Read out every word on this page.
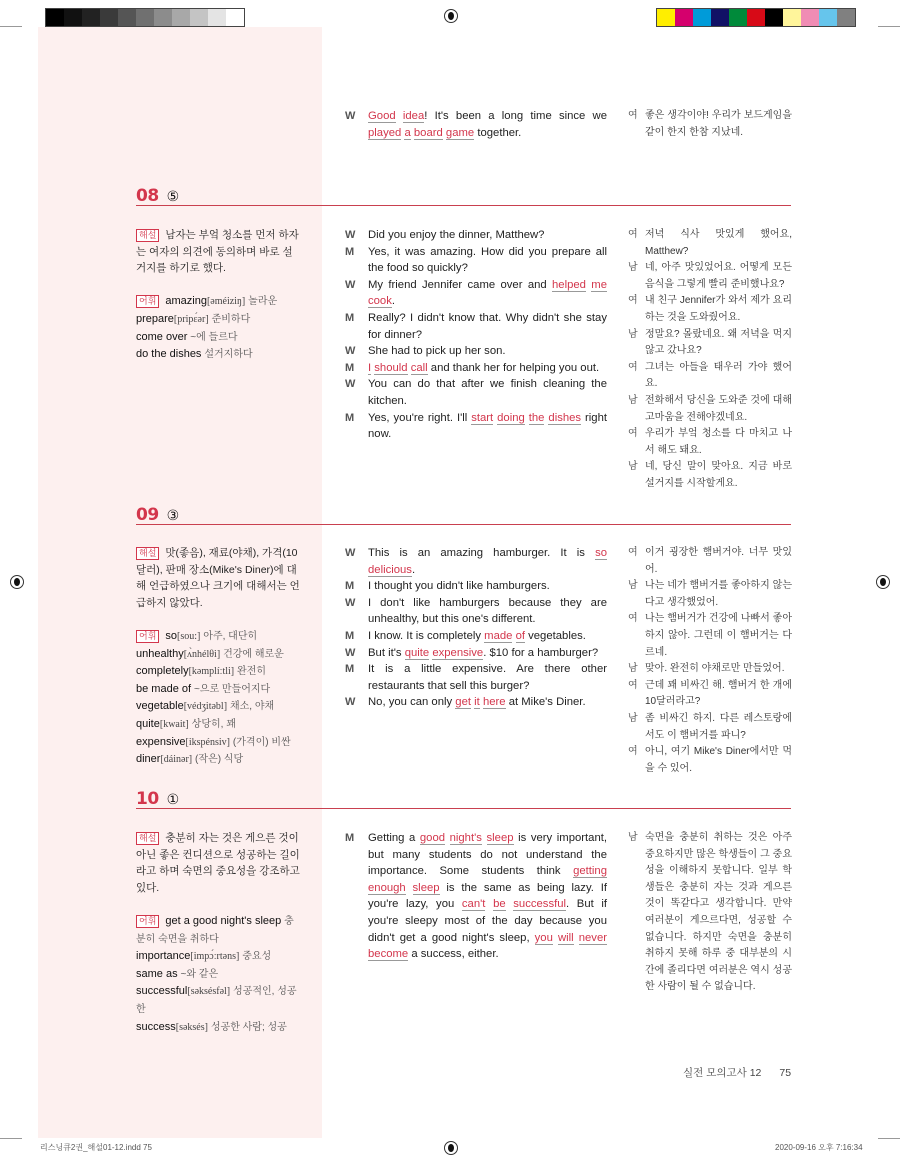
W	Good idea! It's been a long time since we played a board game together.
여 좋은 생각이야! 우리가 보드게임을 같이 한지 한참 지났네.
08 ⑤
해설 남자는 부엌 청소를 먼저 하자는 여자의 의견에 동의하며 바로 설거지를 하기로 했다.
어휘 amazing[əméiziŋ] 놀라운
prepare[pripɛ́ər] 준비하다
come over ~에 들르다
do the dishes 설거지하다
W	Did you enjoy the dinner, Matthew?
M	Yes, it was amazing. How did you prepare all the food so quickly?
W	My friend Jennifer came over and helped me cook.
M	Really? I didn't know that. Why didn't she stay for dinner?
W	She had to pick up her son.
M	I should call and thank her for helping you out.
W	You can do that after we finish cleaning the kitchen.
M	Yes, you're right. I'll start doing the dishes right now.
여 저녁 식사 맛있게 했어요, Matthew?
남 네, 아주 맛있었어요. 어떻게 모든 음식을 그렇게 빨리 준비했나요?
여 내 친구 Jennifer가 와서 제가 요리하는 것을 도와줬어요.
남 정말요? 몰랐네요. 왜 저녁을 먹지 않고 갔나요?
여 그녀는 아들을 태우러 가야 했어요.
남 전화해서 당신을 도와준 것에 대해 고마움을 전해야겠네요.
여 우리가 부엌 청소를 다 마치고 나서 해도 돼요.
남 네, 당신 말이 맞아요. 지금 바로 설거지를 시작할게요.
09 ③
해설 맛(좋음), 재료(야채), 가격(10달러), 판매 장소(Mike's Diner)에 대해 언급하였으나 크기에 대해서는 언급하지 않았다.
어휘 so[sou:] 아주, 대단히
unhealthy[ʌ̀nhélθi] 건강에 해로운
completely[kəmplíːtli] 완전히
be made of ~으로 만들어지다
vegetable[védʒitəbl] 채소, 야채
quite[kwait] 상당히, 꽤
expensive[ikspénsiv] (가격이) 비싼
diner[dáinər] (작은) 식당
W	This is an amazing hamburger. It is so delicious.
M	I thought you didn't like hamburgers.
W	I don't like hamburgers because they are unhealthy, but this one's different.
M	I know. It is completely made of vegetables.
W	But it's quite expensive. $10 for a hamburger?
M	It is a little expensive. Are there other restaurants that sell this burger?
W	No, you can only get it here at Mike's Diner.
여 이거 굉장한 햄버거야. 너무 맛있어.
남 나는 네가 햄버거를 좋아하지 않는다고 생각했었어.
여 나는 햄버거가 건강에 나빠서 좋아하지 않아. 그런데 이 햄버거는 다르네.
남 맞아. 완전히 야채로만 만들었어.
여 근데 꽤 비싸긴 해. 햄버거 한 개에 10달러라고?
남 좀 비싸긴 하지. 다른 레스토랑에서도 이 햄버거를 파니?
여 아니, 여기 Mike's Diner에서만 먹을 수 있어.
10 ①
해설 충분히 자는 것은 게으른 것이 아닌 좋은 컨디션으로 성공하는 길이라고 하며 숙면의 중요성을 강조하고 있다.
어휘 get a good night's sleep 충분히 숙면을 취하다
importance[impɔ́ːrtəns] 중요성
same as ~와 같은
successful[səksésfəl] 성공적인, 성공한
success[səksés] 성공한 사람; 성공
M	Getting a good night's sleep is very important, but many students do not understand the importance. Some students think getting enough sleep is the same as being lazy. If you're lazy, you can't be successful. But if you're sleepy most of the day because you didn't get a good night's sleep, you will never become a success, either.
남 숙면을 충분히 취하는 것은 아주 중요하지만 많은 학생들이 그 중요성을 이해하지 못합니다. 일부 학생들은 충분히 자는 것과 게으른 것이 똑같다고 생각합니다. 만약 여러분이 게으르다면, 성공할 수 없습니다. 하지만 숙면을 충분히 취하지 못해 하루 중 대부분의 시간에 졸리다면 여러분은 역시 성공한 사람이 될 수 없습니다.
실전 모의고사 12 75
리스닝큐2권_해설01-12.indd 75	2020-09-16 오후 7:16:34
